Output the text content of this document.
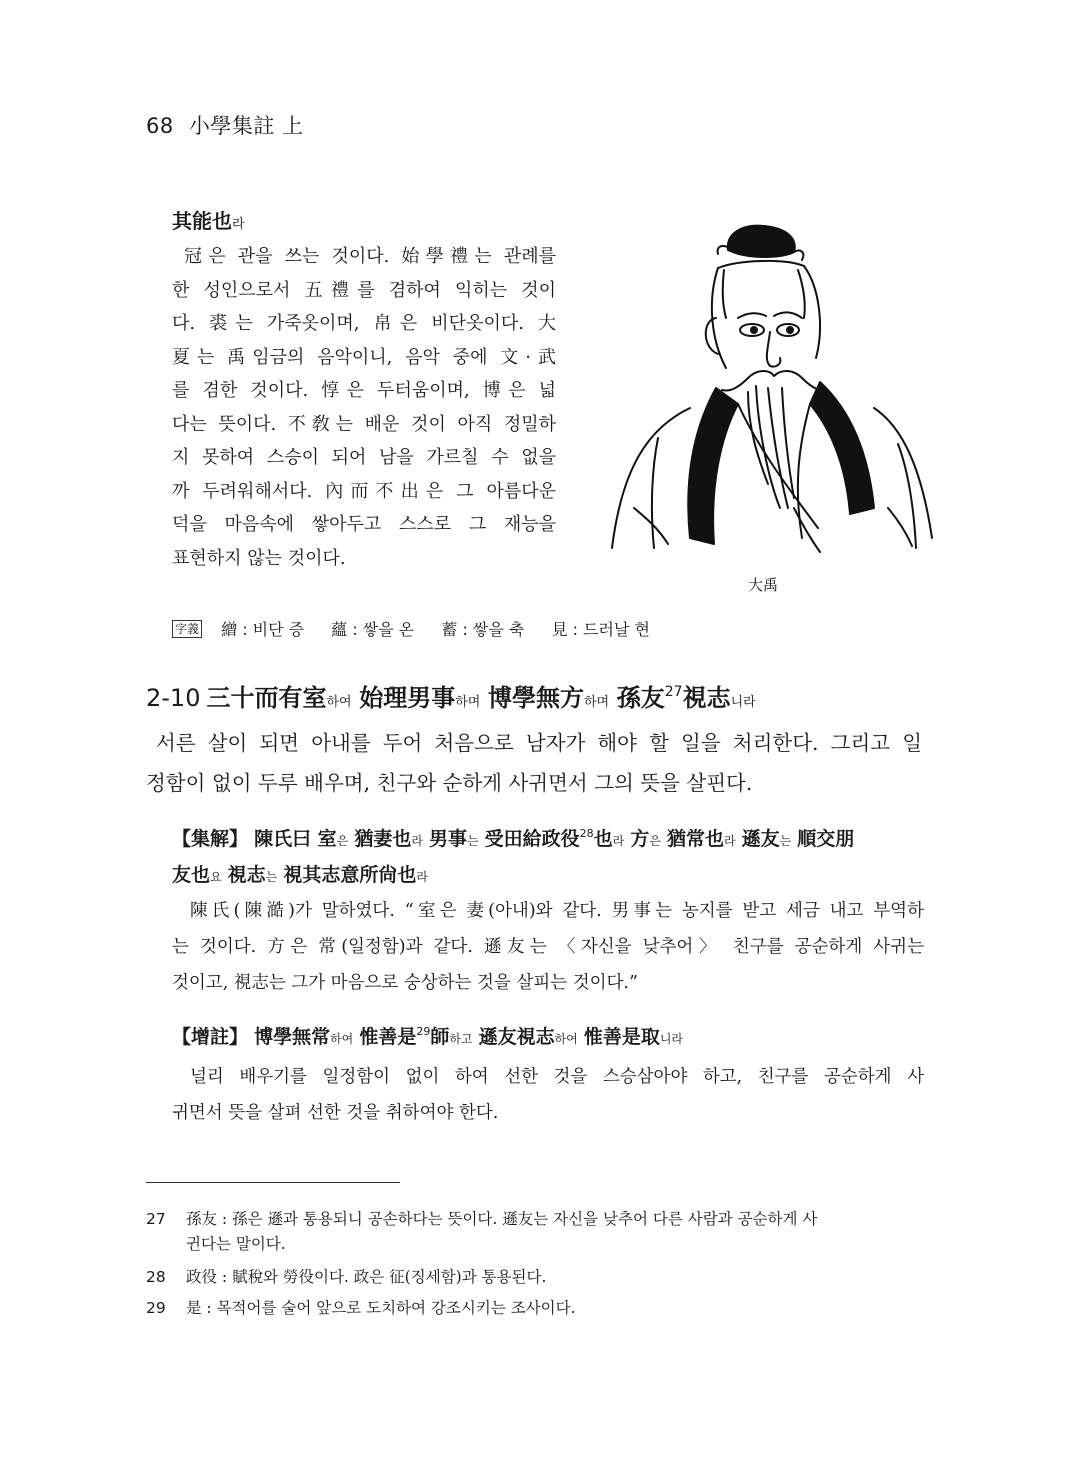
68 小學集註 上
其能也라
冠은 관을 쓰는 것이다. 始學禮는 관례를
한 성인으로서 五禮를 겸하여 익히는 것이
다. 裘는 가죽옷이며, 帛은 비단옷이다. 大
夏는 禹임금의 음악이니, 음악 중에 文·武
를 겸한 것이다. 惇은 두터움이며, 博은 넓
다는 뜻이다. 不敎는 배운 것이 아직 정밀하
지 못하여 스승이 되어 남을 가르칠 수 없을
까 두려워해서다. 內而不出은 그 아름다운
덕을 마음속에 쌓아두고 스스로 그 재능을
표현하지 않는 것이다.
大禹
字義 繒 : 비단 증 蘊 : 쌓을 온 蓄 : 쌓을 축 見 : 드러날 현
2-10 三十而有室하여 始理男事하며 博學無方하며 孫友$^{27}$視志니라
서른 살이 되면 아내를 두어 처음으로 남자가 해야 할 일을 처리한다. 그리고 일
정함이 없이 두루 배우며, 친구와 순하게 사귀면서 그의 뜻을 살핀다.
【集解】 陳氏曰 室은 猶妻也라 男事는 受田給政役$^{28}$也라 方은 猶常也라 遜友는 順交朋
友也요 視志는 視其志意所尙也라
陳氏(陳澔)가 말하였다. “室은 妻(아내)와 같다. 男事는 농지를 받고 세금 내고 부역하
는 것이다. 方은 常(일정함)과 같다. 遜友는 〈자신을 낮추어〉 친구를 공순하게 사귀는
것이고, 視志는 그가 마음으로 숭상하는 것을 살피는 것이다.”
【增註】 博學無常하여 惟善是$^{29}$師하고 遜友視志하여 惟善是取니라
널리 배우기를 일정함이 없이 하여 선한 것을 스승삼아야 하고, 친구를 공순하게 사
귀면서 뜻을 살펴 선한 것을 취하여야 한다.
27 孫友 : 孫은 遜과 통용되니 공손하다는 뜻이다. 遜友는 자신을 낮추어 다른 사람과 공순하게 사
귄다는 말이다.
28 政役 : 賦稅와 勞役이다. 政은 征(징세함)과 통용된다.
29 是 : 목적어를 술어 앞으로 도치하여 강조시키는 조사이다.
